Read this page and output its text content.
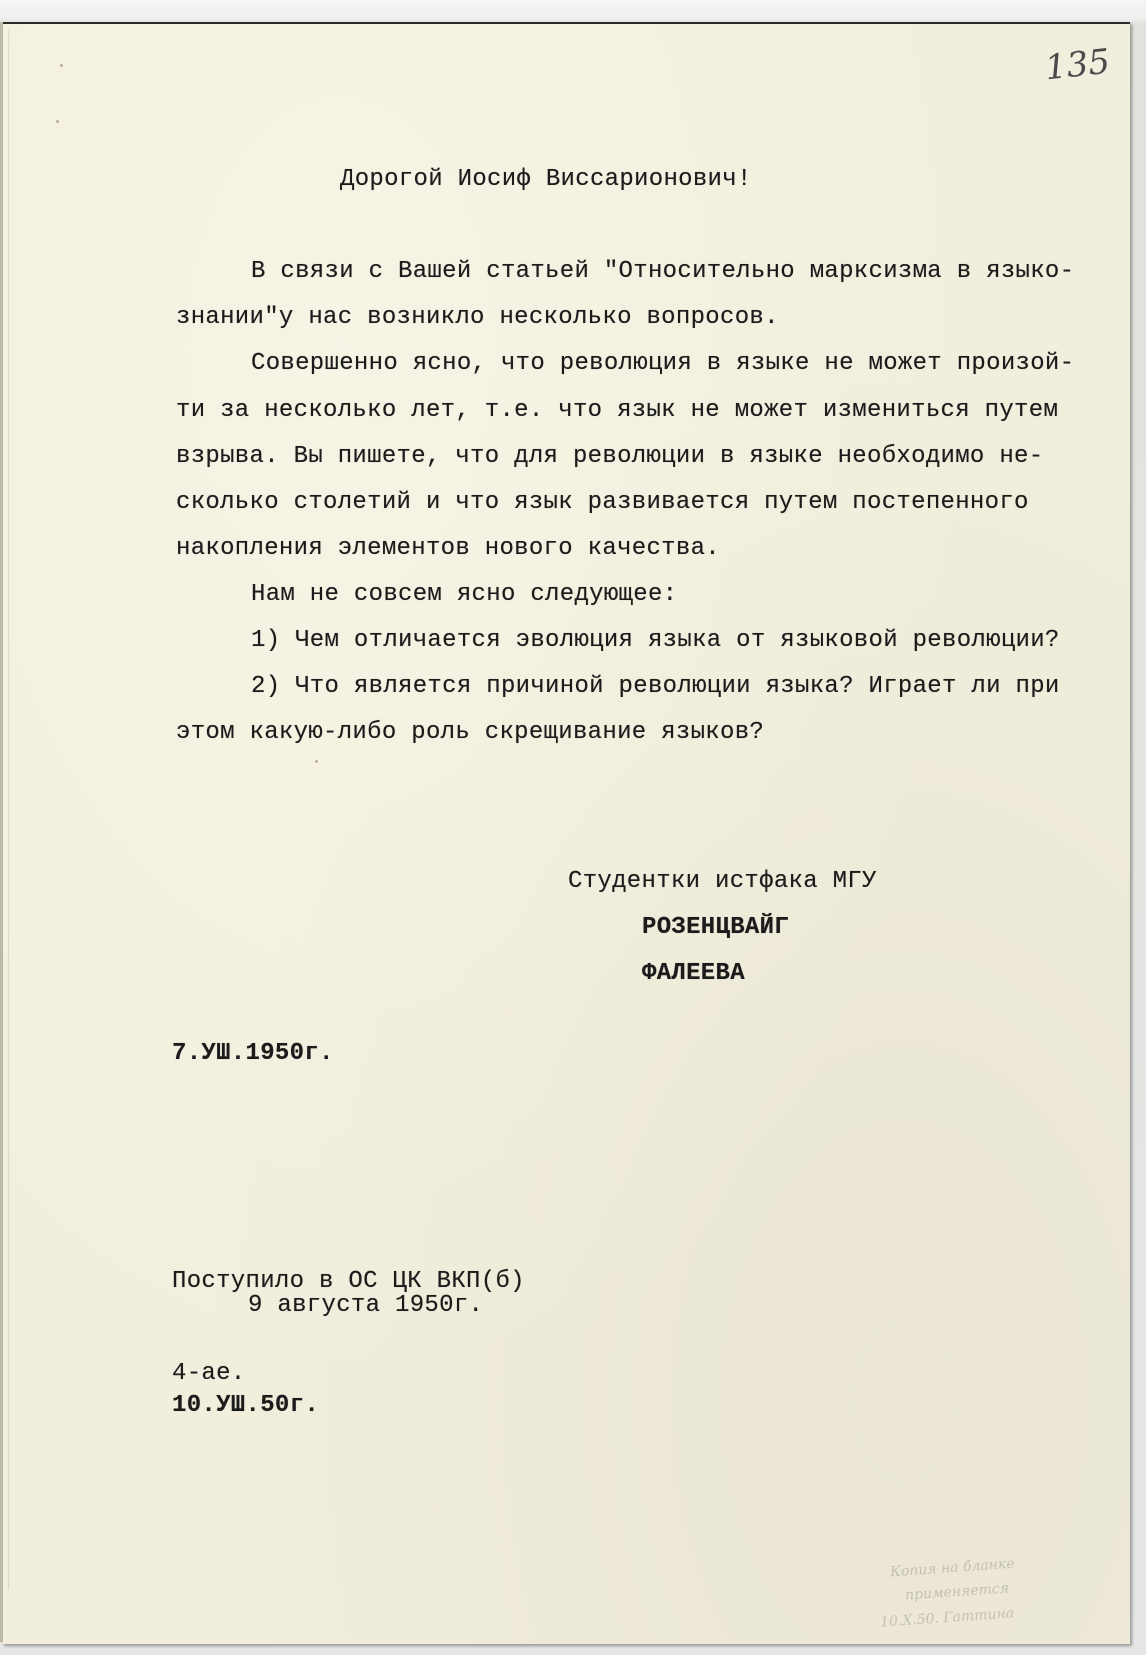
135
Дорогой Иосиф Виссарионович!
В связи с Вашей статьей "Относительно марксизма в языко-
знании"у нас возникло несколько вопросов.
Совершенно ясно, что революция в языке не может произой-
ти за несколько лет, т.е. что язык не может измениться путем
взрыва. Вы пишете, что для революции в языке необходимо не-
сколько столетий и что язык развивается путем постепенного
накопления элементов нового качества.
Нам не совсем ясно следующее:
1) Чем отличается эволюция языка от языковой революции?
2) Что является причиной революции языка? Играет ли при
этом какую-либо роль скрещивание языков?
Студентки истфака МГУ
РОЗЕНЦВАЙГ
ФАЛЕЕВА
7.УШ.1950г.
Поступило в ОС ЦК ВКП(б)
9 августа 1950г.
4-ае.
10.УШ.50г.
Копия на бланке
применяется
10.Х.50. Гаттина
